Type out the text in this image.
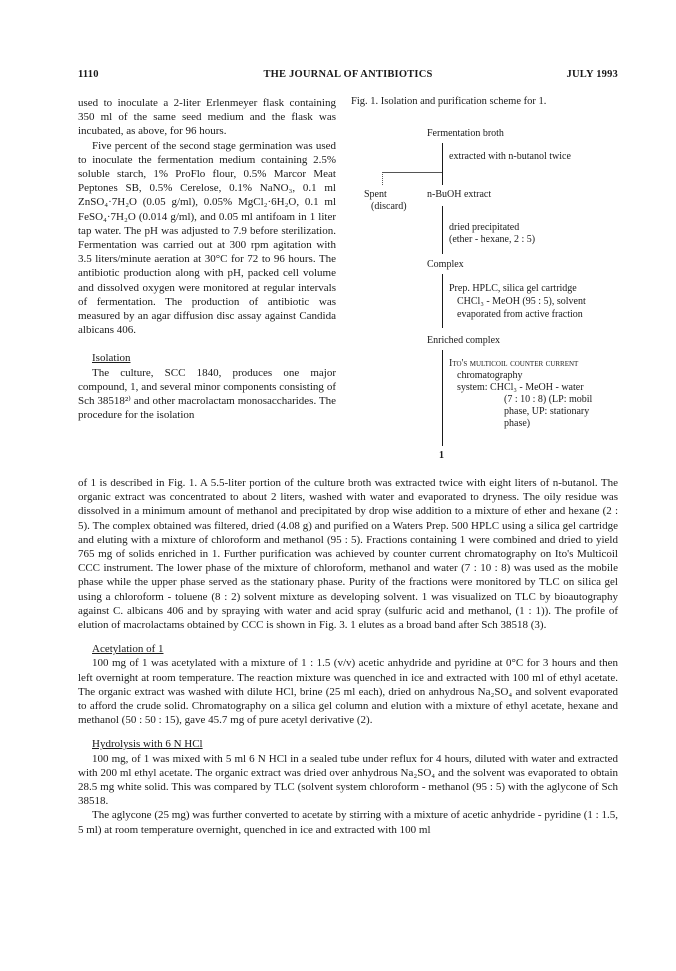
1110	THE JOURNAL OF ANTIBIOTICS	JULY 1993

used to inoculate a 2-liter Erlenmeyer flask containing 350 ml of the same seed medium and the flask was incubated, as above, for 96 hours.

Five percent of the second stage germination was used to inoculate the fermentation medium containing 2.5% soluble starch, 1% ProFlo flour, 0.5% Marcor Meat Peptones SB, 0.5% Cerelose, 0.1% NaNO₃, 0.1 ml ZnSO₄·7H₂O (0.05 g/ml), 0.05% MgCl₂·6H₂O, 0.1 ml FeSO₄·7H₂O (0.014 g/ml), and 0.05 ml antifoam in 1 liter tap water. The pH was adjusted to 7.9 before sterilization. Fermentation was carried out at 300 rpm agitation with 3.5 liters/minute aeration at 30°C for 72 to 96 hours. The antibiotic production along with pH, packed cell volume and dissolved oxygen were monitored at regular intervals of fermentation. The production of antibiotic was measured by an agar diffusion disc assay against Candida albicans 406.

Isolation

The culture, SCC 1840, produces one major compound, 1, and several minor components consisting of Sch 38518²⁾ and other macrolactam monosaccharides. The procedure for the isolation

Fig. 1. Isolation and purification scheme for 1.
Fermentation broth
extracted with n-butanol twice
Spent
(discard)
n-BuOH extract
dried precipitated
(ether - hexane, 2 : 5)
Complex
Prep. HPLC, silica gel cartridge
CHCl₃ - MeOH (95 : 5), solvent
evaporated from active fraction
Enriched complex
Ito's multicoil counter current
chromatography
system: CHCl₃ - MeOH - water
(7 : 10 : 8) (LP: mobil
phase, UP: stationary
phase)
1

of 1 is described in Fig. 1. A 5.5-liter portion of the culture broth was extracted twice with eight liters of n-butanol. The organic extract was concentrated to about 2 liters, washed with water and evaporated to dryness. The oily residue was dissolved in a minimum amount of methanol and precipitated by drop wise addition to a mixture of ether and hexane (2 : 5). The complex obtained was filtered, dried (4.08 g) and purified on a Waters Prep. 500 HPLC using a silica gel cartridge and eluting with a mixture of chloroform and methanol (95 : 5). Fractions containing 1 were combined and dried to yield 765 mg of solids enriched in 1. Further purification was achieved by counter current chromatography on Ito's Multicoil CCC instrument. The lower phase of the mixture of chloroform, methanol and water (7 : 10 : 8) was used as the mobile phase while the upper phase served as the stationary phase. Purity of the fractions were monitored by TLC on silica gel using a chloroform - toluene (8 : 2) solvent mixture as developing solvent. 1 was visualized on TLC by bioautography against C. albicans 406 and by spraying with water and acid spray (sulfuric acid and methanol, (1 : 1)). The profile of elution of macrolactams obtained by CCC is shown in Fig. 3. 1 elutes as a broad band after Sch 38518 (3).

Acetylation of 1

100 mg of 1 was acetylated with a mixture of 1 : 1.5 (v/v) acetic anhydride and pyridine at 0°C for 3 hours and then left overnight at room temperature. The reaction mixture was quenched in ice and extracted with 100 ml of ethyl acetate. The organic extract was washed with dilute HCl, brine (25 ml each), dried on anhydrous Na₂SO₄ and solvent evaporated to afford the crude solid. Chromatography on a silica gel column and elution with a mixture of ethyl acetate, hexane and methanol (50 : 50 : 15), gave 45.7 mg of pure acetyl derivative (2).

Hydrolysis with 6 N HCl

100 mg, of 1 was mixed with 5 ml 6 N HCl in a sealed tube under reflux for 4 hours, diluted with water and extracted with 200 ml ethyl acetate. The organic extract was dried over anhydrous Na₂SO₄ and the solvent was evaporated to obtain 28.5 mg white solid. This was compared by TLC (solvent system chloroform - methanol (95 : 5) with the aglycone of Sch 38518.

The aglycone (25 mg) was further converted to acetate by stirring with a mixture of acetic anhydride - pyridine (1 : 1.5, 5 ml) at room temperature overnight, quenched in ice and extracted with 100 ml
